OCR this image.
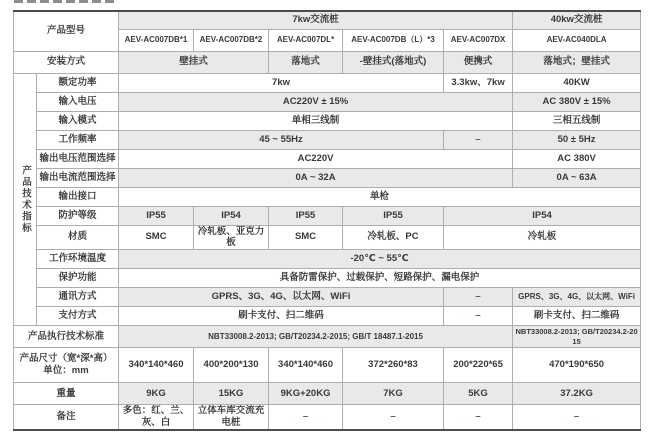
产品型号		7kw交流桩					40kw交流桩
		AEV-AC007DB*1	AEV-AC007DB*2	AEV-AC007DL*	AEV-AC007DB（L）*3	AEV-AC007DX	AEV-AC040DLA
安装方式		壁挂式		落地式	-壁挂式(落地式)	便携式	落地式；壁挂式

产品技术指标	额定功率	7kw				3.3kw、7kw	40KW
	输入电压	AC220V ± 15%					AC 380V ± 15%
	输入模式	单相三线制					三相五线制
	工作频率	45 ~ 55Hz				–	50 ± 5Hz
	输出电压范围选择	AC220V					AC 380V
	输出电流范围选择	0A ~ 32A					0A ~ 63A
	输出接口	单枪					
	防护等级	IP55	IP54	IP55	IP55	IP54	
	材质	SMC	冷轧板、亚克力板	SMC	冷轧板、PC	冷轧板	
	工作环境温度	-20℃ ~ 55℃					
	保护功能	具备防雷保护、过载保护、短路保护、漏电保护					
	通讯方式	GPRS、3G、4G、以太网、WiFi				–	GPRS、3G、4G、以太网、WiFi
	支付方式	刷卡支付、扫二维码				–	刷卡支付、扫二维码
产品执行技术标准		NBT33008.2-2013; GB/T20234.2-2015; GB/T 18487.1-2015					NBT33008.2-2013; GB/T20234.2-2015

产品尺寸（宽*深*高）
单位：mm		340*140*460	400*200*130	340*140*460	372*260*83	200*220*65	470*190*650
重量		9KG	15KG	9KG+20KG	7KG	5KG	37.2KG
备注		多色：红、兰、灰、白	立体车库交流充电桩	–	–	–	–
